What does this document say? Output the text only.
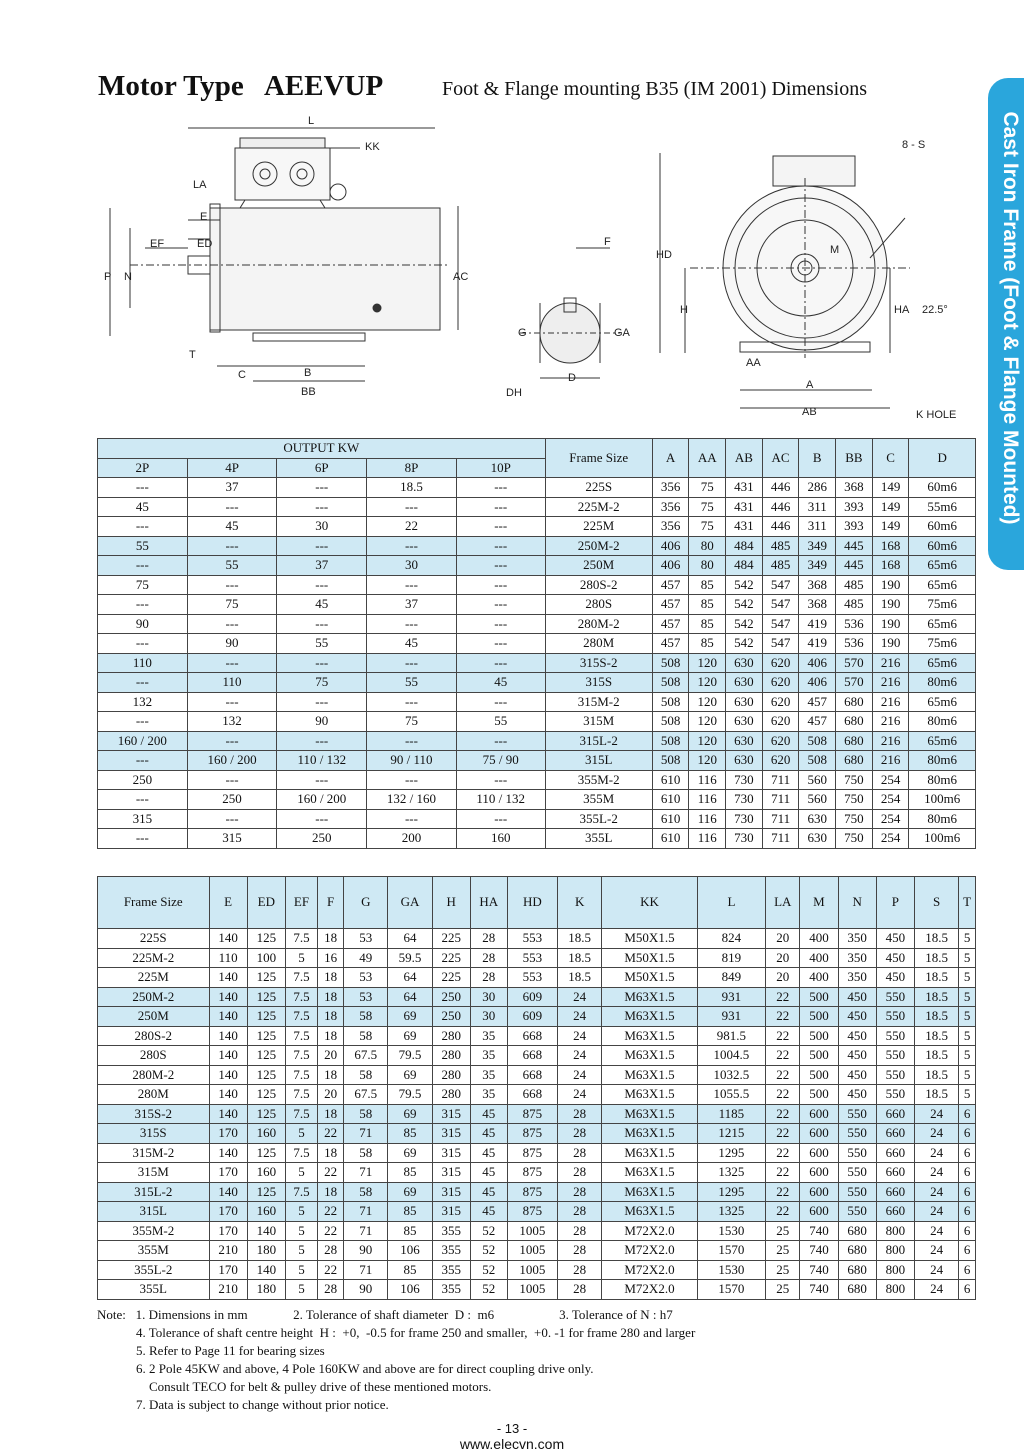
Motor Type   AEEVUP	Foot & Flange mounting B35 (IM 2001) Dimensions
Cast Iron Frame (Foot & Flange Mounted)
L
KK
LA
E
EF	ED
P N	AC
T
C	B
BB
F
G	GA
D
DH
HD
H
8 - S
M
HA 22.5°
AA
A
AB	K HOLE
OUTPUT KW					Frame Size	A	AA	AB	AC	B	BB	C	D
2P	4P	6P	8P	10P									
---	37	---	18.5	---	225S	356	75	431	446	286	368	149	60m6
45	---	---	---	---	225M-2	356	75	431	446	311	393	149	55m6
---	45	30	22	---	225M	356	75	431	446	311	393	149	60m6
55	---	---	---	---	250M-2	406	80	484	485	349	445	168	60m6
---	55	37	30	---	250M	406	80	484	485	349	445	168	65m6
75	---	---	---	---	280S-2	457	85	542	547	368	485	190	65m6
---	75	45	37	---	280S	457	85	542	547	368	485	190	75m6
90	---	---	---	---	280M-2	457	85	542	547	419	536	190	65m6
---	90	55	45	---	280M	457	85	542	547	419	536	190	75m6
110	---	---	---	---	315S-2	508	120	630	620	406	570	216	65m6
---	110	75	55	45	315S	508	120	630	620	406	570	216	80m6
132	---	---	---	---	315M-2	508	120	630	620	457	680	216	65m6
---	132	90	75	55	315M	508	120	630	620	457	680	216	80m6
160 / 200	---	---	---	---	315L-2	508	120	630	620	508	680	216	65m6
---	160 / 200	110 / 132	90 / 110	75 / 90	315L	508	120	630	620	508	680	216	80m6
250	---	---	---	---	355M-2	610	116	730	711	560	750	254	80m6
---	250	160 / 200	132 / 160	110 / 132	355M	610	116	730	711	560	750	254	100m6
315	---	---	---	---	355L-2	610	116	730	711	630	750	254	80m6
---	315	250	200	160	355L	610	116	730	711	630	750	254	100m6
Frame Size	E	ED	EF	F	G	GA	H	HA	HD	K	KK	L	LA	M	N	P	S	T
225S	140	125	7.5	18	53	64	225	28	553	18.5	M50X1.5	824	20	400	350	450	18.5	5
225M-2	110	100	5	16	49	59.5	225	28	553	18.5	M50X1.5	819	20	400	350	450	18.5	5
225M	140	125	7.5	18	53	64	225	28	553	18.5	M50X1.5	849	20	400	350	450	18.5	5
250M-2	140	125	7.5	18	53	64	250	30	609	24	M63X1.5	931	22	500	450	550	18.5	5
250M	140	125	7.5	18	58	69	250	30	609	24	M63X1.5	931	22	500	450	550	18.5	5
280S-2	140	125	7.5	18	58	69	280	35	668	24	M63X1.5	981.5	22	500	450	550	18.5	5
280S	140	125	7.5	20	67.5	79.5	280	35	668	24	M63X1.5	1004.5	22	500	450	550	18.5	5
280M-2	140	125	7.5	18	58	69	280	35	668	24	M63X1.5	1032.5	22	500	450	550	18.5	5
280M	140	125	7.5	20	67.5	79.5	280	35	668	24	M63X1.5	1055.5	22	500	450	550	18.5	5
315S-2	140	125	7.5	18	58	69	315	45	875	28	M63X1.5	1185	22	600	550	660	24	6
315S	170	160	5	22	71	85	315	45	875	28	M63X1.5	1215	22	600	550	660	24	6
315M-2	140	125	7.5	18	58	69	315	45	875	28	M63X1.5	1295	22	600	550	660	24	6
315M	170	160	5	22	71	85	315	45	875	28	M63X1.5	1325	22	600	550	660	24	6
315L-2	140	125	7.5	18	58	69	315	45	875	28	M63X1.5	1295	22	600	550	660	24	6
315L	170	160	5	22	71	85	315	45	875	28	M63X1.5	1325	22	600	550	660	24	6
355M-2	170	140	5	22	71	85	355	52	1005	28	M72X2.0	1530	25	740	680	800	24	6
355M	210	180	5	28	90	106	355	52	1005	28	M72X2.0	1570	25	740	680	800	24	6
355L-2	170	140	5	22	71	85	355	52	1005	28	M72X2.0	1530	25	740	680	800	24	6
355L	210	180	5	28	90	106	355	52	1005	28	M72X2.0	1570	25	740	680	800	24	6
Note:   1. Dimensions in mm              2. Tolerance of shaft diameter  D :  m6                    3. Tolerance of N : h7
4. Tolerance of shaft centre height  H :  +0,  -0.5 for frame 250 and smaller,  +0. -1 for frame 280 and larger
5. Refer to Page 11 for bearing sizes
6. 2 Pole 45KW and above, 4 Pole 160KW and above are for direct coupling drive only.
Consult TECO for belt & pulley drive of these mentioned motors.
7. Data is subject to change without prior notice.
- 13 -
www.elecvn.com
